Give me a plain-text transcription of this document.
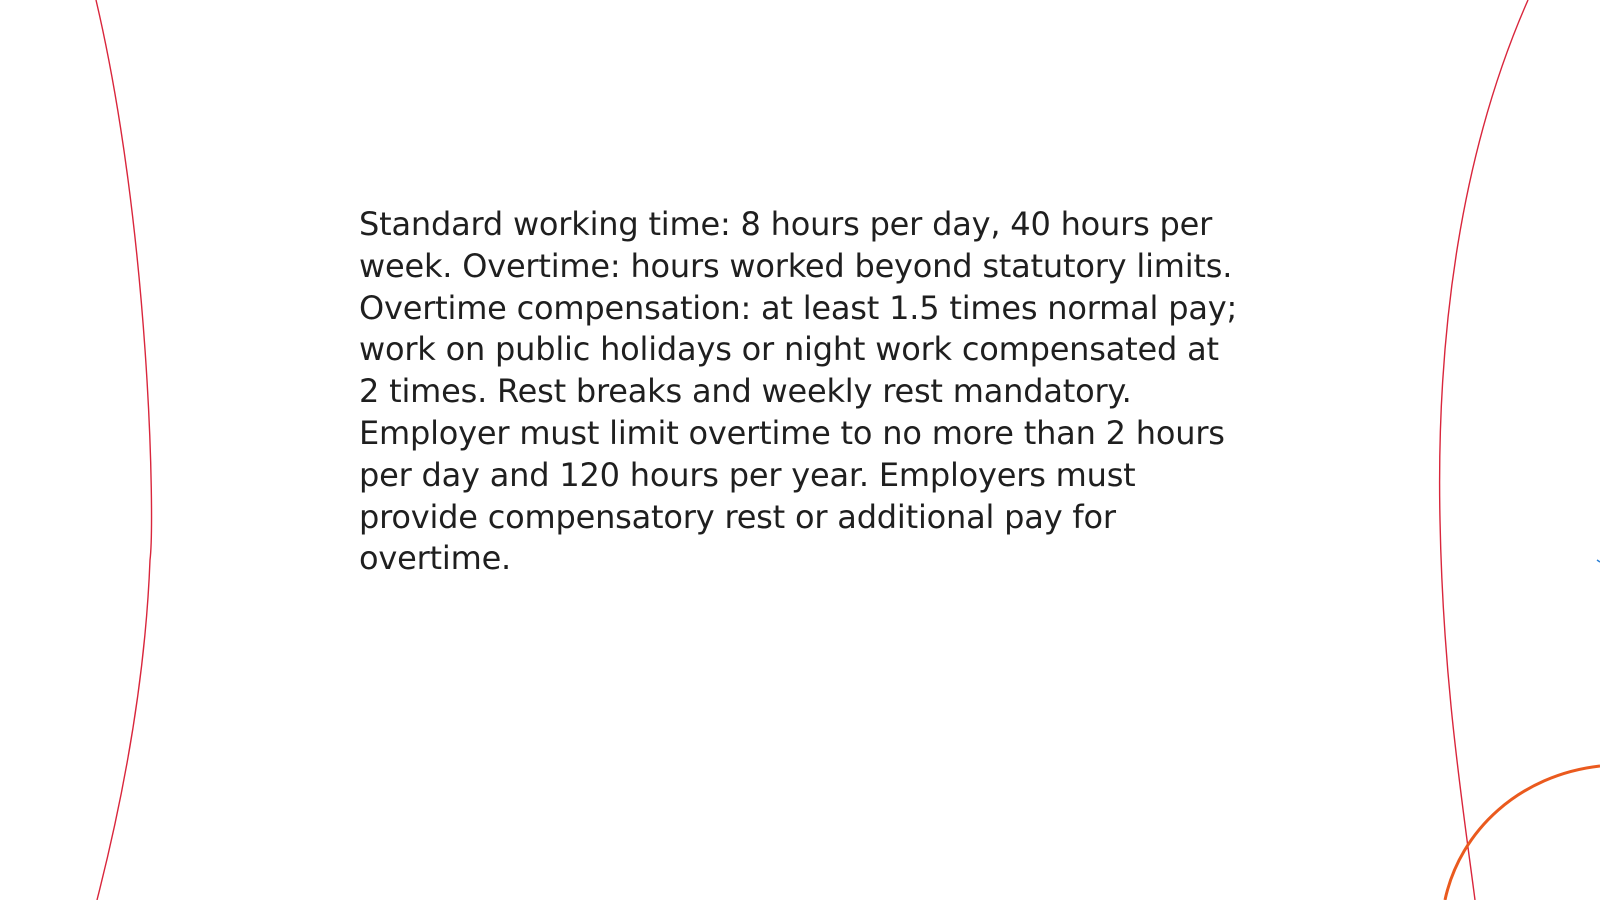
Standard working time: 8 hours per day, 40 hours per week. Overtime: hours worked beyond statutory limits. Overtime compensation: at least 1.5 times normal pay; work on public holidays or night work compensated at 2 times. Rest breaks and weekly rest mandatory. Employer must limit overtime to no more than 2 hours per day and 120 hours per year. Employers must provide compensatory rest or additional pay for overtime.
